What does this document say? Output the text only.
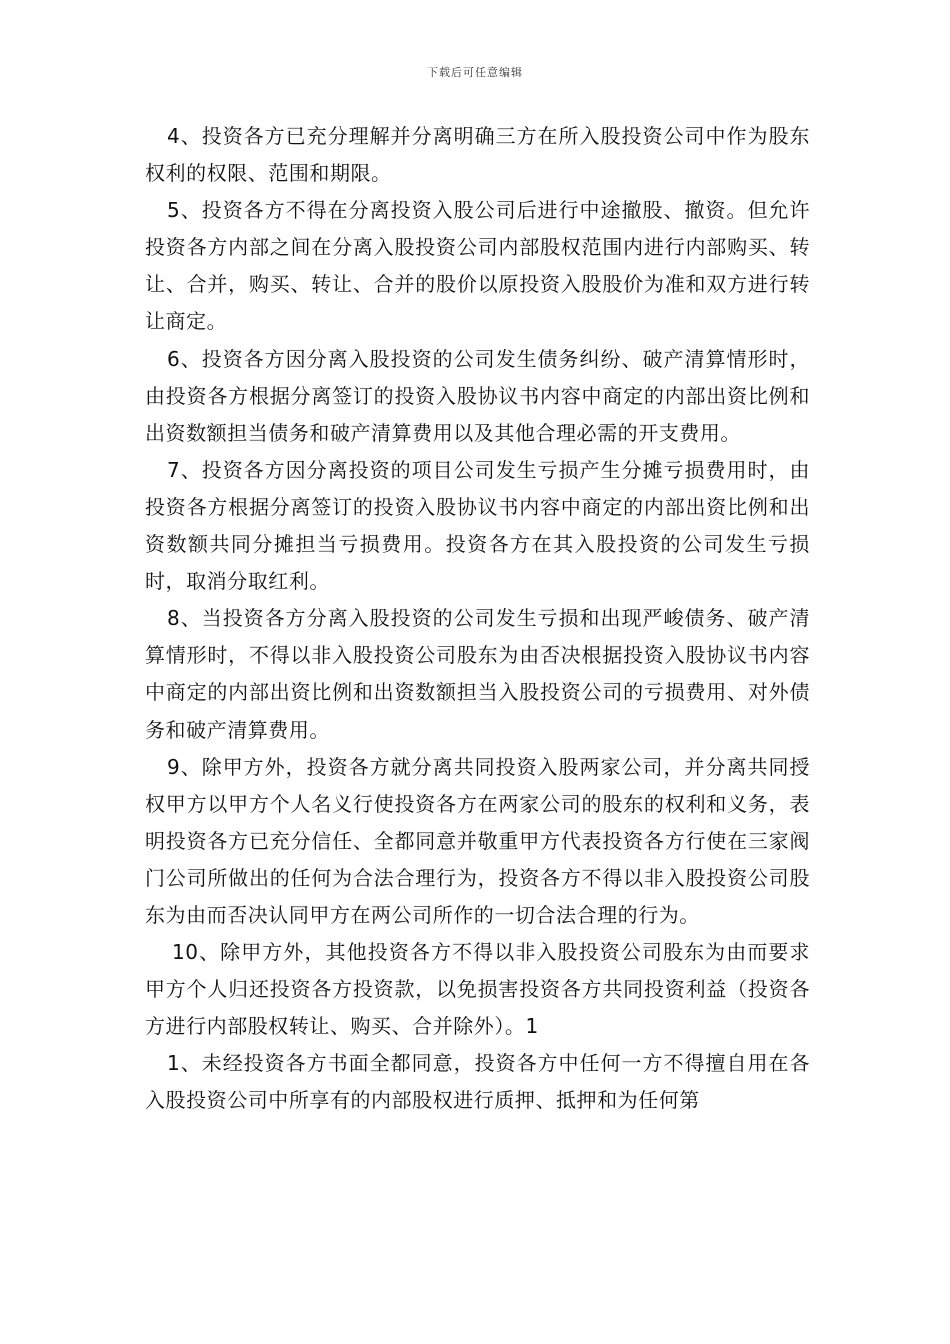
下载后可任意编辑

4、投资各方已充分理解并分离明确三方在所入股投资公司中作为股东权利的权限、范围和期限。

5、投资各方不得在分离投资入股公司后进行中途撤股、撤资。但允许投资各方内部之间在分离入股投资公司内部股权范围内进行内部购买、转让、合并，购买、转让、合并的股价以原投资入股股价为准和双方进行转让商定。

6、投资各方因分离入股投资的公司发生债务纠纷、破产清算情形时，由投资各方根据分离签订的投资入股协议书内容中商定的内部出资比例和出资数额担当债务和破产清算费用以及其他合理必需的开支费用。

7、投资各方因分离投资的项目公司发生亏损产生分摊亏损费用时，由投资各方根据分离签订的投资入股协议书内容中商定的内部出资比例和出资数额共同分摊担当亏损费用。投资各方在其入股投资的公司发生亏损时，取消分取红利。

8、当投资各方分离入股投资的公司发生亏损和出现严峻债务、破产清算情形时，不得以非入股投资公司股东为由否决根据投资入股协议书内容中商定的内部出资比例和出资数额担当入股投资公司的亏损费用、对外债务和破产清算费用。

9、除甲方外，投资各方就分离共同投资入股两家公司，并分离共同授权甲方以甲方个人名义行使投资各方在两家公司的股东的权利和义务，表明投资各方已充分信任、全都同意并敬重甲方代表投资各方行使在三家阀门公司所做出的任何为合法合理行为，投资各方不得以非入股投资公司股东为由而否决认同甲方在两公司所作的一切合法合理的行为。

10、除甲方外，其他投资各方不得以非入股投资公司股东为由而要求甲方个人归还投资各方投资款，以免损害投资各方共同投资利益（投资各方进行内部股权转让、购买、合并除外）。1

1、未经投资各方书面全都同意，投资各方中任何一方不得擅自用在各入股投资公司中所享有的内部股权进行质押、抵押和为任何第
